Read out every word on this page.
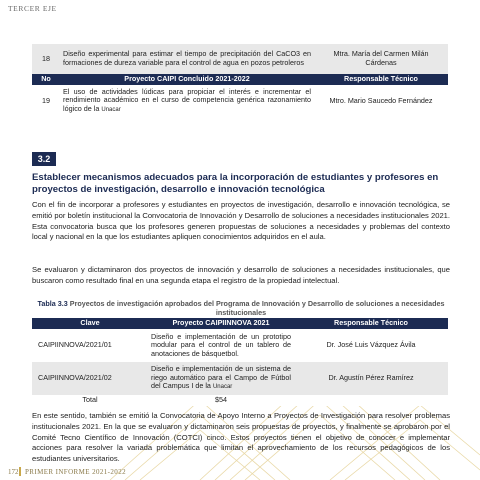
TERCER EJE
18	Diseño experimental para estimar el tiempo de precipitación del CaCO3 en formaciones de dureza variable para el control de agua en pozos petroleros	Mtra. María del Carmen Milán Cárdenas
No	Proyecto CAIPI Concluido 2021-2022	Responsable Técnico
19	El uso de actividades lúdicas para propiciar el interés e incrementar el rendimiento académico en el curso de competencia genérica razonamiento lógico de la Unacar	Mtro. Mario Saucedo Fernández
3.2
Establecer mecanismos adecuados para la incorporación de estudiantes y profesores en proyectos de investigación, desarrollo e innovación tecnológica
Con el fin de incorporar a profesores y estudiantes en proyectos de investigación, desarrollo e innovación tecnológica, se emitió por boletín institucional la Convocatoria de Innovación y Desarrollo de soluciones a necesidades institucionales 2021. Esta convocatoria busca que los profesores generen propuestas de soluciones a necesidades y problemas del contexto local y nacional en la que los estudiantes apliquen conocimientos adquiridos en el aula.
Se evaluaron y dictaminaron dos proyectos de innovación y desarrollo de soluciones a necesidades institucionales, que buscaron como resultado final en una segunda etapa el registro de la propiedad intelectual.
Tabla 3.3 Proyectos de investigación aprobados del Programa de Innovación y Desarrollo de soluciones a necesidades institucionales
Clave	Proyecto CAIPIINNOVA 2021	Responsable Técnico
CAIPIINNOVA/2021/01	Diseño e implementación de un prototipo modular para el control de un tablero de anotaciones de básquetbol.	Dr. José Luis Vázquez Ávila
CAIPIINNOVA/2021/02	Diseño e implementación de un sistema de riego automático para el Campo de Fútbol del Campus I de la Unacar	Dr. Agustín Pérez Ramírez
Total	$54	
En este sentido, también se emitió la Convocatoria de Apoyo Interno a Proyectos de Investigación para resolver problemas institucionales 2021. En la que se evaluaron y dictaminaron seis propuestas de proyectos, y finalmente se aprobaron por el Comité Tecno Científico de Innovación (COTCI) cinco. Estos proyectos tienen el objetivo de conocer e implementar acciones para resolver la variada problemática que limitan el aprovechamiento de los recursos pedagógicos de los estudiantes universitarios.
172 PRIMER INFORME 2021-2022
